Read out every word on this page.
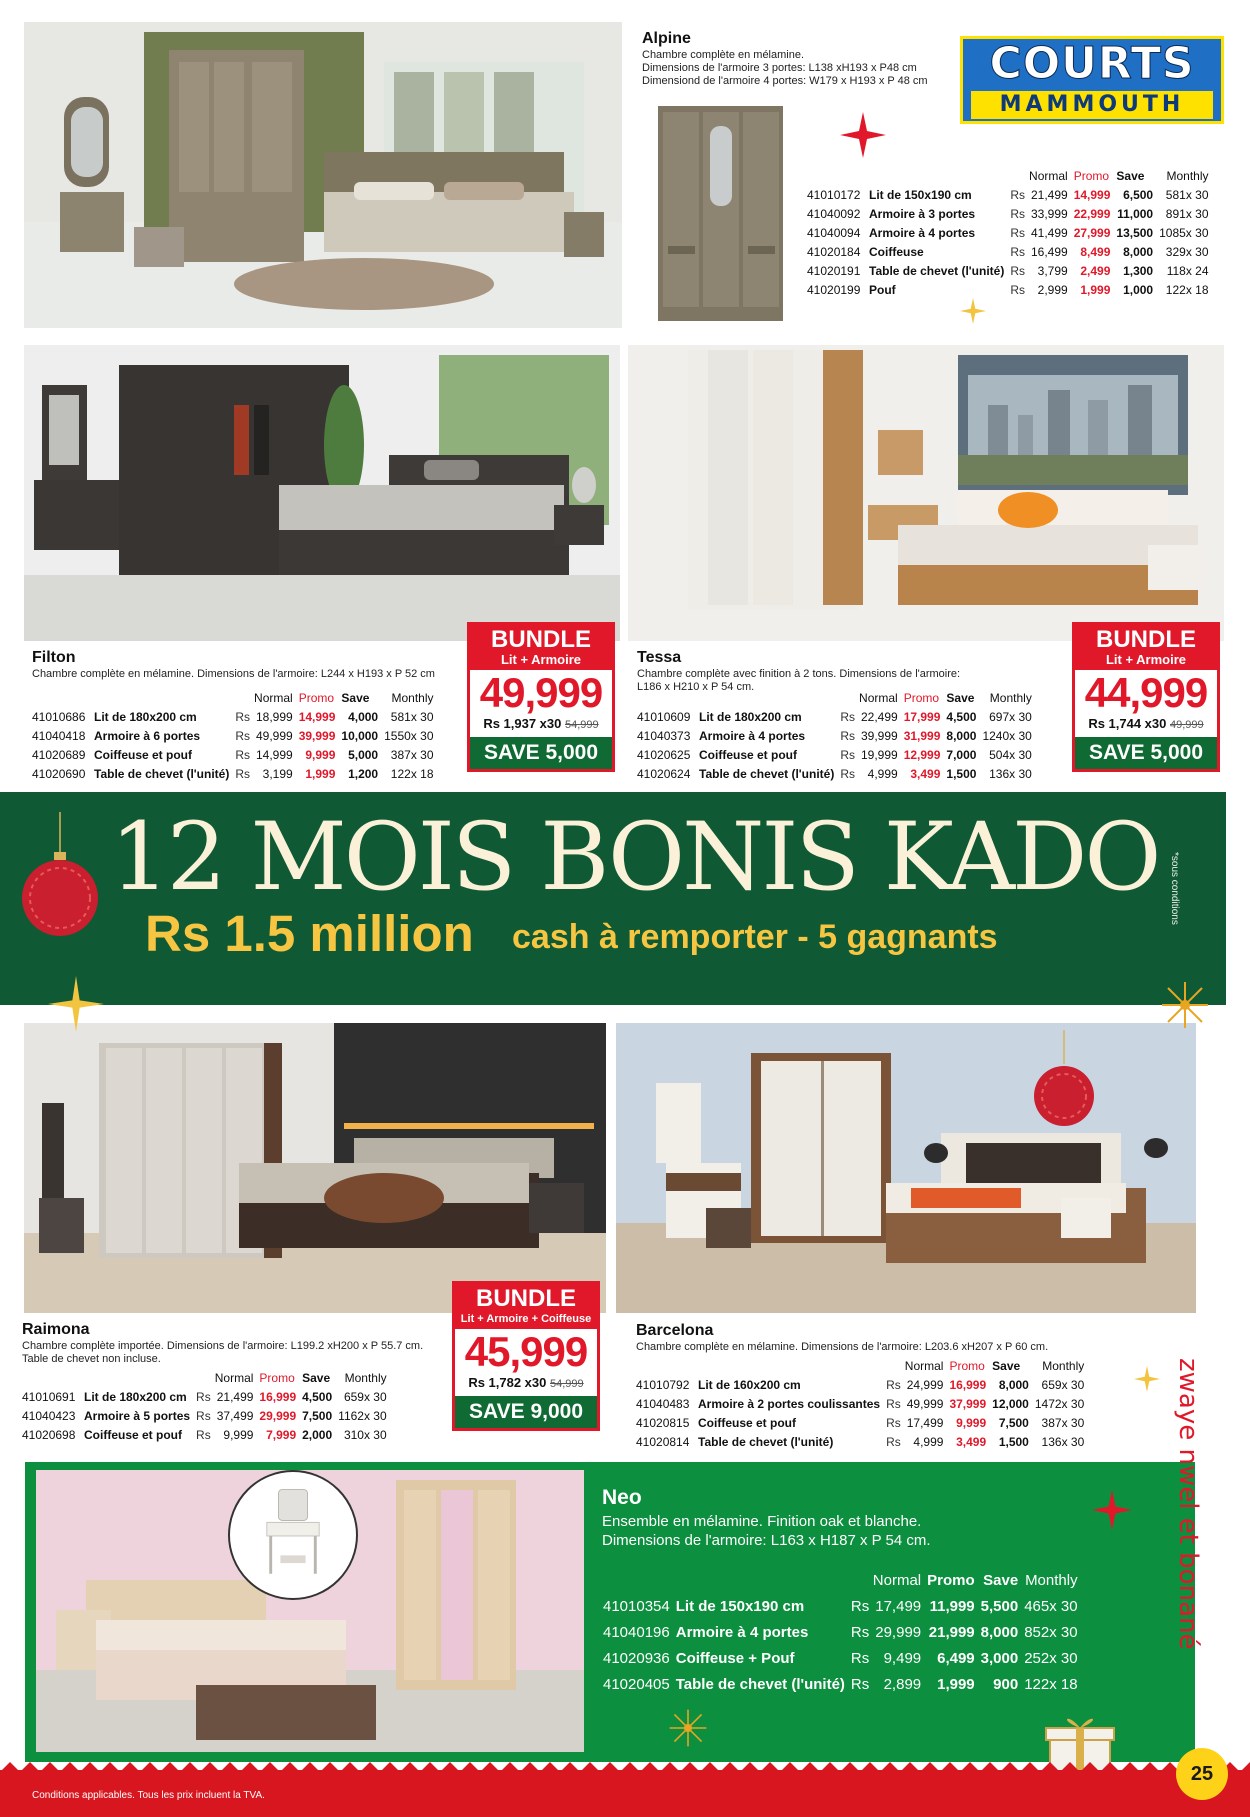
COURTS
MAMMOUTH
Alpine
Chambre complète en mélamine.
Dimensions de l'armoire 3 portes: L138 xH193 x P48 cm
Dimensiond de l'armoire 4 portes: W179 x H193 x P 48 cm
		Normal		Promo	Save	Monthly
41010172	Lit de 150x190 cm	Rs	21,499	14,999	6,500	581x 30
41040092	Armoire à 3 portes	Rs	33,999	22,999	11,000	891x 30
41040094	Armoire à 4 portes	Rs	41,499	27,999	13,500	1085x 30
41020184	Coiffeuse	Rs	16,499	8,499	8,000	329x 30
41020191	Table de chevet (l'unité)	Rs	3,799	2,499	1,300	118x 24
41020199	Pouf	Rs	2,999	1,999	1,000	122x 18
Filton
Chambre complète en mélamine. Dimensions de l'armoire: L244 x H193 x P 52 cm
		Normal		Promo	Save	Monthly
41010686	Lit de 180x200 cm	Rs	18,999	14,999	4,000	581x 30
41040418	Armoire à 6 portes	Rs	49,999	39,999	10,000	1550x 30
41020689	Coiffeuse et pouf	Rs	14,999	9,999	5,000	387x 30
41020690	Table de chevet (l'unité)	Rs	3,199	1,999	1,200	122x 18
BUNDLE
Lit + Armoire
49,999
Rs 1,937 x30 54,999
SAVE 5,000
Tessa
Chambre complète avec finition à 2 tons. Dimensions de l'armoire:
L186 x H210 x P 54 cm.
		Normal		Promo	Save	Monthly
41010609	Lit de 180x200 cm	Rs	22,499	17,999	4,500	697x 30
41040373	Armoire à 4 portes	Rs	39,999	31,999	8,000	1240x 30
41020625	Coiffeuse et pouf	Rs	19,999	12,999	7,000	504x 30
41020624	Table de chevet (l'unité)	Rs	4,999	3,499	1,500	136x 30
BUNDLE
Lit + Armoire
44,999
Rs 1,744 x30 49,999
SAVE 5,000
12 MOIS BONIS KADO
Rs 1.5 million cash à remporter - 5 gagnants
*sous conditions
Raimona
Chambre complète importée. Dimensions de l'armoire: L199.2 xH200 x P 55.7 cm.
Table de chevet non incluse.
		Normal		Promo	Save	Monthly
41010691	Lit de 180x200 cm	Rs	21,499	16,999	4,500	659x 30
41040423	Armoire à 5 portes	Rs	37,499	29,999	7,500	1162x 30
41020698	Coiffeuse et pouf	Rs	9,999	7,999	2,000	310x 30
BUNDLE
Lit + Armoire + Coiffeuse
45,999
Rs 1,782 x30 54,999
SAVE 9,000
Barcelona
Chambre complète en mélamine. Dimensions de l'armoire: L203.6 xH207 x P 60 cm.
		Normal		Promo	Save	Monthly
41010792	Lit de 160x200 cm	Rs	24,999	16,999	8,000	659x 30
41040483	Armoire à 2 portes coulissantes	Rs	49,999	37,999	12,000	1472x 30
41020815	Coiffeuse et pouf	Rs	17,499	9,999	7,500	387x 30
41020814	Table de chevet (l'unité)	Rs	4,999	3,499	1,500	136x 30
Neo
Ensemble en mélamine. Finition oak et blanche.
Dimensions de l'armoire: L163 x H187 x P 54 cm.
		Normal		Promo	Save	Monthly
41010354	Lit de 150x190 cm	Rs	17,499	11,999	5,500	465x 30
41040196	Armoire à 4 portes	Rs	29,999	21,999	8,000	852x 30
41020936	Coiffeuse + Pouf	Rs	9,499	6,499	3,000	252x 30
41020405	Table de chevet (l'unité)	Rs	2,899	1,999	900	122x 18
zwaye nwel et bonané
Conditions applicables. Tous les prix incluent la TVA.
25
